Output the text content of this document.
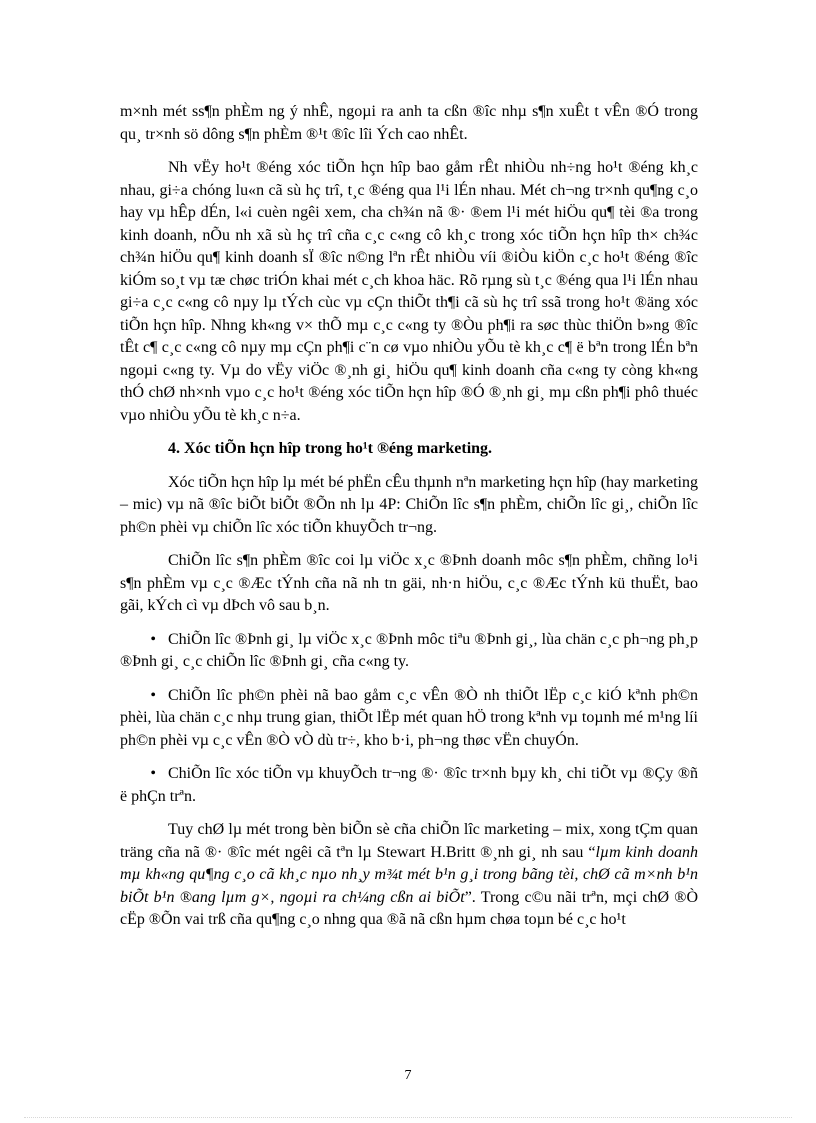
m×nh mét ss¶n phÈm ng ý nhÊ, ngoµi ra anh ta cßn ®îc nhµ s¶n xuÊt t vÊn ®Ó trong qu¸ tr×nh sö dông s¶n phÈm ®¹t ®îc lîi Ých cao nhÊt.

Nh vËy ho¹t ®éng xóc tiÕn hçn hîp bao gåm rÊt nhiÒu nh÷ng ho¹t ®éng kh¸c nhau, gi÷a chóng lu«n cã sù hç trî, t¸c ®éng qua l¹i lÉn nhau. Mét ch¬ng tr×nh qu¶ng c¸o hay vµ hÊp dÉn, l«i cuèn ngêi xem, cha ch¾n nã ®· ®em l¹i mét hiÖu qu¶ tèi ®a trong kinh doanh, nÕu nh xã sù hç trî cña c¸c c«ng cô kh¸c trong xóc tiÕn hçn hîp th× ch¾c ch¾n hiÖu qu¶ kinh doanh sÏ ®îc n©ng lªn rÊt nhiÒu víi ®iÒu kiÖn c¸c ho¹t ®éng ®îc kiÓm so¸t vµ tæ chøc triÓn khai mét c¸ch khoa häc. Rõ rµng sù t¸c ®éng qua l¹i lÉn nhau gi÷a c¸c c«ng cô nµy lµ tÝch cùc vµ cÇn thiÕt th¶i cã sù hç trî ssã trong ho¹t ®äng xóc tiÕn hçn hîp. Nhng kh«ng v× thÕ mµ c¸c c«ng ty ®Òu ph¶i ra søc thùc thiÖn b»ng ®îc tÊt c¶ c¸c c«ng cô nµy mµ cÇn ph¶i c¨n cø vµo nhiÒu yÕu tè kh¸c c¶ ë bªn trong lÉn bªn ngoµi c«ng ty. Vµ do vËy viÖc ®¸nh gi¸ hiÖu qu¶ kinh doanh cña c«ng ty còng kh«ng thÓ chØ nh×nh vµo c¸c ho¹t ®éng xóc tiÕn hçn hîp ®Ó ®¸nh gi¸ mµ cßn ph¶i phô thuéc vµo nhiÒu yÕu tè kh¸c n÷a.

4. Xóc tiÕn hçn hîp trong ho¹t ®éng marketing.

Xóc tiÕn hçn hîp lµ mét bé phËn cÊu thµnh nªn marketing hçn hîp (hay marketing – mic) vµ nã ®îc biÕt biÕt ®Õn nh lµ 4P: ChiÕn lîc s¶n phÈm, chiÕn lîc gi¸, chiÕn lîc ph©n phèi vµ chiÕn lîc xóc tiÕn khuyÕch tr¬ng.

ChiÕn lîc s¶n phÈm ®îc coi lµ viÖc x¸c ®Þnh doanh môc s¶n phÈm, chñng lo¹i s¶n phÈm vµ c¸c ®Æc tÝnh cña nã nh tn gäi, nh·n hiÖu, c¸c ®Æc tÝnh kü thuËt, bao gãi, kÝch cì vµ dÞch vô sau b¸n.

• ChiÕn lîc ®Þnh gi¸ lµ viÖc x¸c ®Þnh môc tiªu ®Þnh gi¸, lùa chän c¸c ph¬ng ph¸p ®Þnh gi¸ c¸c chiÕn lîc ®Þnh gi¸ cña c«ng ty.

• ChiÕn lîc ph©n phèi nã bao gåm c¸c vÊn ®Ò nh thiÕt lËp c¸c kiÓ kªnh ph©n phèi, lùa chän c¸c nhµ trung gian, thiÕt lËp mét quan hÖ trong kªnh vµ toµnh mé m¹ng líi ph©n phèi vµ c¸c vÊn ®Ò vÒ dù tr÷, kho b·i, ph¬ng thøc vËn chuyÓn.

• ChiÕn lîc xóc tiÕn vµ khuyÕch tr¬ng ®· ®îc tr×nh bµy kh¸ chi tiÕt vµ ®Çy ®ñ ë phÇn trªn.

Tuy chØ lµ mét trong bèn biÕn sè cña chiÕn lîc marketing – mix, xong tÇm quan träng cña nã ®· ®îc mét ngêi cã tªn lµ Stewart H.Britt ®¸nh gi¸ nh sau “lµm kinh doanh mµ kh«ng qu¶ng c¸o cã kh¸c nµo nh¸y m¾t mét b¹n g¸i trong bãng tèi, chØ cã m×nh b¹n biÕt b¹n ®ang lµm g×, ngoµi ra ch¼ng cßn ai biÕt”. Trong c©u nãi trªn, mçi chØ ®Ò cËp ®Õn vai trß cña qu¶ng c¸o nhng qua ®ã nã cßn hµm chøa toµn bé c¸c ho¹t

7
